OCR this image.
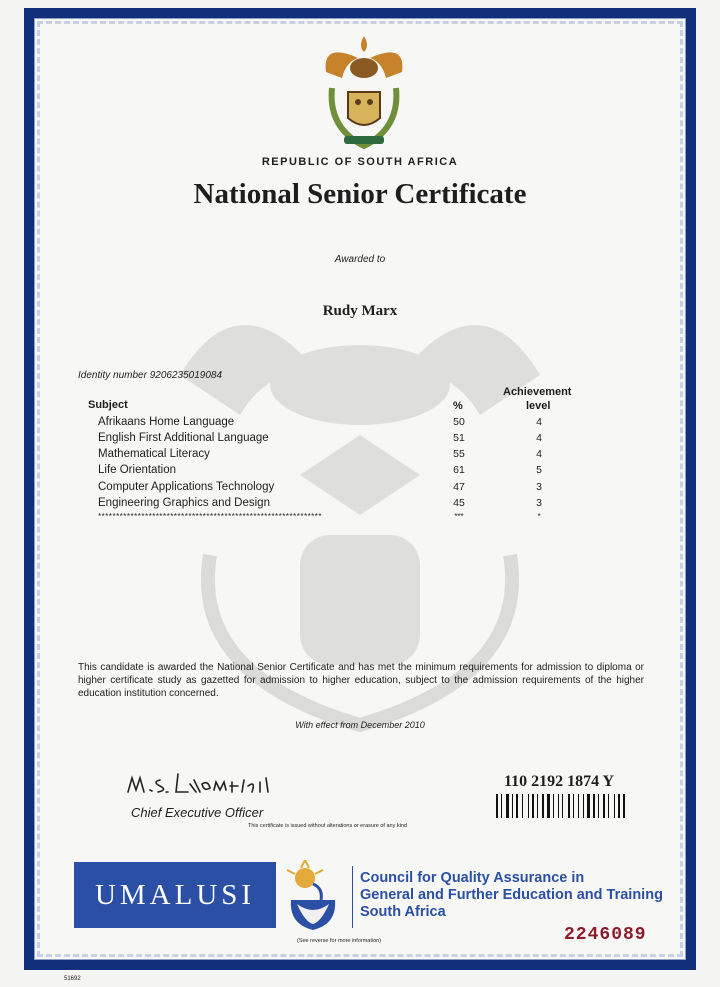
REPUBLIC OF SOUTH AFRICA
National Senior Certificate
Awarded to
Rudy Marx
Identity number 9206235019084
Achievement
Subject	%	level
Afrikaans Home Language	50	4
English First Additional Language	51	4
Mathematical Literacy	55	4
Life Orientation	61	5
Computer Applications Technology	47	3
Engineering Graphics and Design	45	3
**************************************************************	***	*
This candidate is awarded the National Senior Certificate and has met the minimum requirements for admission to diploma or higher certificate study as gazetted for admission to higher education, subject to the admission requirements of the higher education institution concerned.
With effect from December 2010
Chief Executive Officer
This certificate is issued without alterations or erasure of any kind
110 2192 1874 Y
UMALUSI
Council for Quality Assurance in
General and Further Education and Training
South Africa
(See reverse for more information)	2246089
51692
